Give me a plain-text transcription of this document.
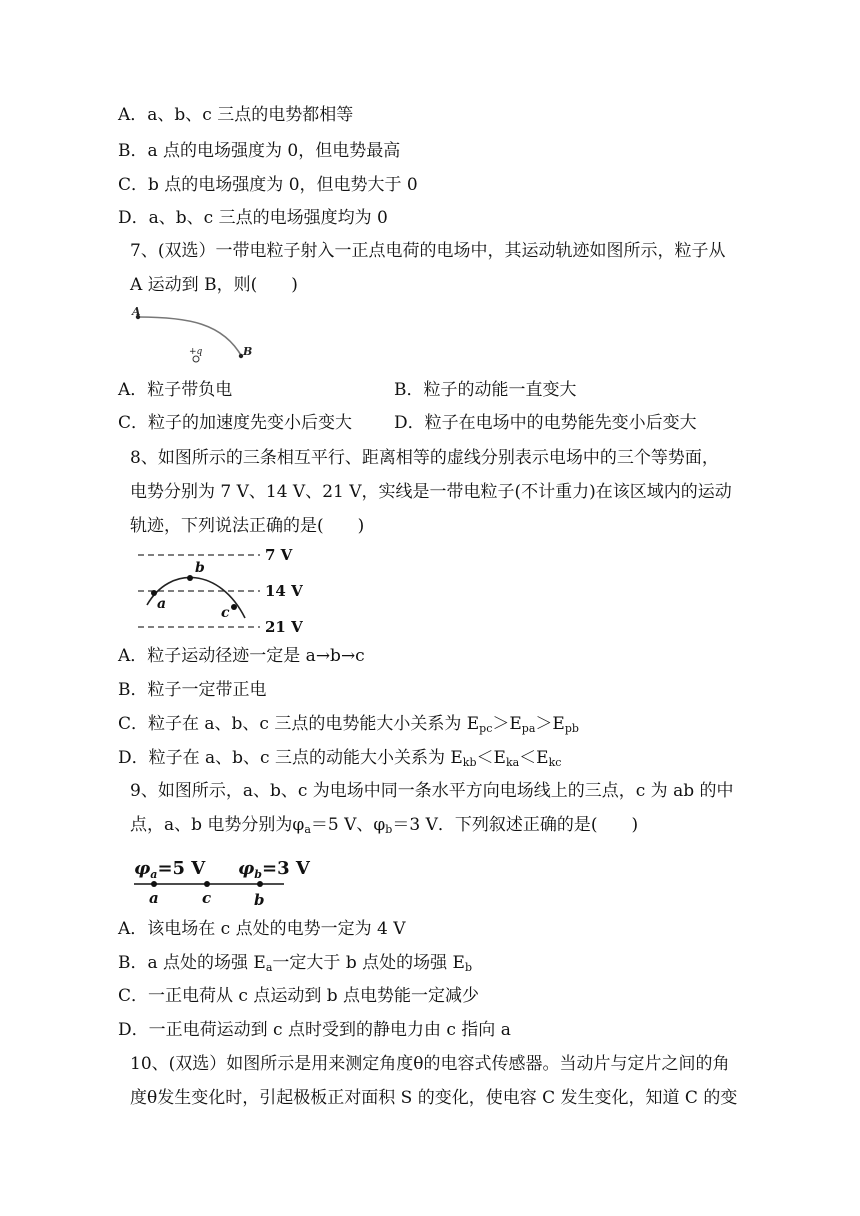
A．a、b、c 三点的电势都相等
B．a 点的电场强度为 0，但电势最高
C．b 点的电场强度为 0，但电势大于 0
D．a、b、c 三点的电场强度均为 0
7、(双选）一带电粒子射入一正点电荷的电场中，其运动轨迹如图所示，粒子从
A 运动到 B，则(　　)
A
B
+q
A．粒子带负电	B．粒子的动能一直变大
C．粒子的加速度先变小后变大 D．粒子在电场中的电势能先变小后变大
8、如图所示的三条相互平行、距离相等的虚线分别表示电场中的三个等势面，
电势分别为 7 V、14 V、21 V，实线是一带电粒子(不计重力)在该区域内的运动
轨迹，下列说法正确的是(　　)
7 V
14 V
21 V
a
b
c
A．粒子运动径迹一定是 a→b→c
B．粒子一定带正电
C．粒子在 a、b、c 三点的电势能大小关系为 $E_{pc}>E_{pa}>E_{pb}$
D．粒子在 a、b、c 三点的动能大小关系为 $E_{kb}<E_{ka}<E_{kc}$
9、如图所示，a、b、c 为电场中同一条水平方向电场线上的三点，c 为 ab 的中
点，a、b 电势分别为$\varphi_a=5$ V、$\varphi_b=3$ V．下列叙述正确的是(　　)
$\varphi_a=5$ V $\varphi_b=3$ V
a	c	b
A．该电场在 c 点处的电势一定为 4 V
B．a 点处的场强 $E_a$一定大于 b 点处的场强 $E_b$
C．一正电荷从 c 点运动到 b 点电势能一定减少
D．一正电荷运动到 c 点时受到的静电力由 c 指向 a
10、(双选）如图所示是用来测定角度θ的电容式传感器。当动片与定片之间的角
度θ发生变化时，引起极板正对面积 S 的变化，使电容 C 发生变化，知道 C 的变
